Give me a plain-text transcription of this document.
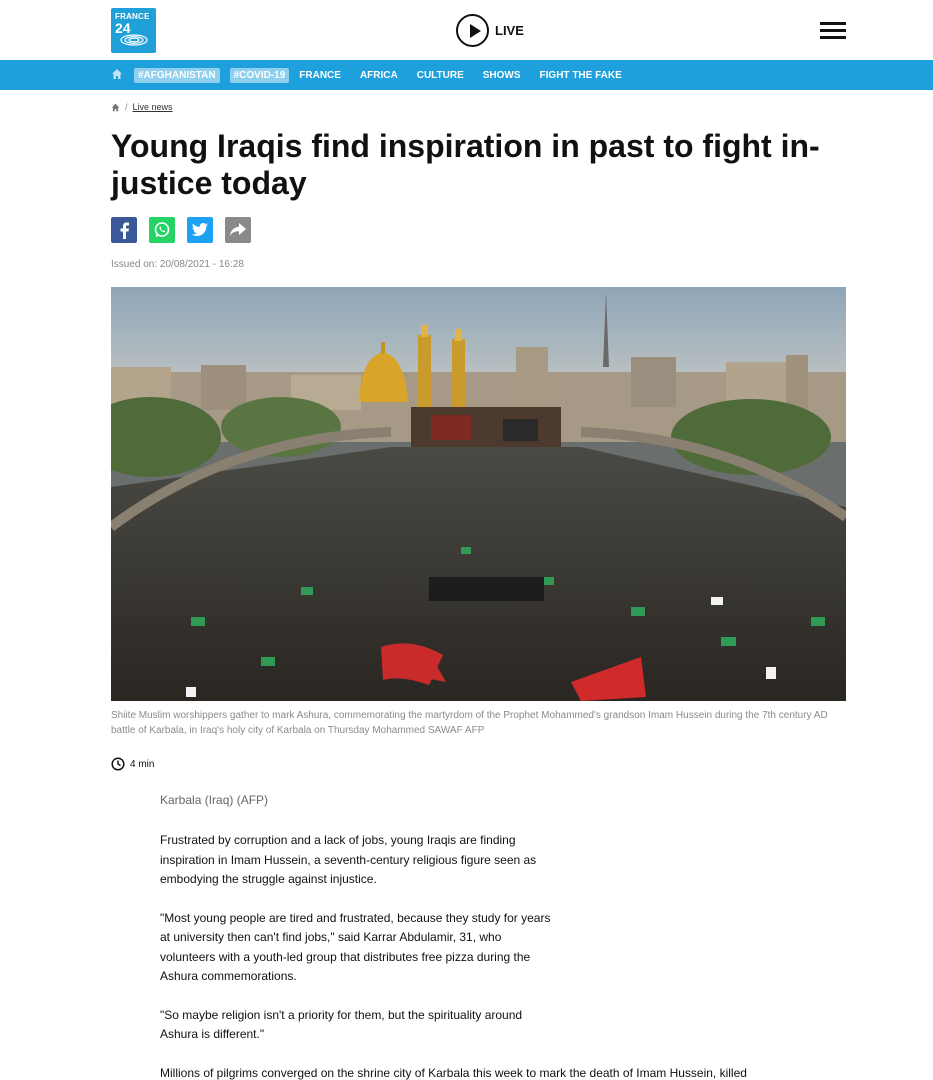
FRANCE
24	LIVE
#AFGHANISTAN	#COVID-19	FRANCE AFRICA CULTURE SHOWS FIGHT THE FAKE
/ Live news
Young Iraqis find inspiration in past to fight in-justice today
Issued on: 20/08/2021 - 16:28
Shiite Muslim worshippers gather to mark Ashura, commemorating the martyrdom of the Prophet Mohammed's grandson Imam Hussein during the 7th century AD battle of Karbala, in Iraq's holy city of Karbala on Thursday Mohammed SAWAF AFP
4 min
Karbala (Iraq) (AFP)

Frustrated by corruption and a lack of jobs, young Iraqis are finding inspiration in Imam Hussein, a seventh-century religious figure seen as embodying the struggle against injustice.

"Most young people are tired and frustrated, because they study for years at university then can't find jobs," said Karrar Abdulamir, 31, who volunteers with a youth-led group that distributes free pizza during the Ashura commemorations.

"So maybe religion isn't a priority for them, but the spirituality around Ashura is different."

Millions of pilgrims converged on the shrine city of Karbala this week to mark the death of Imam Hussein, killed
